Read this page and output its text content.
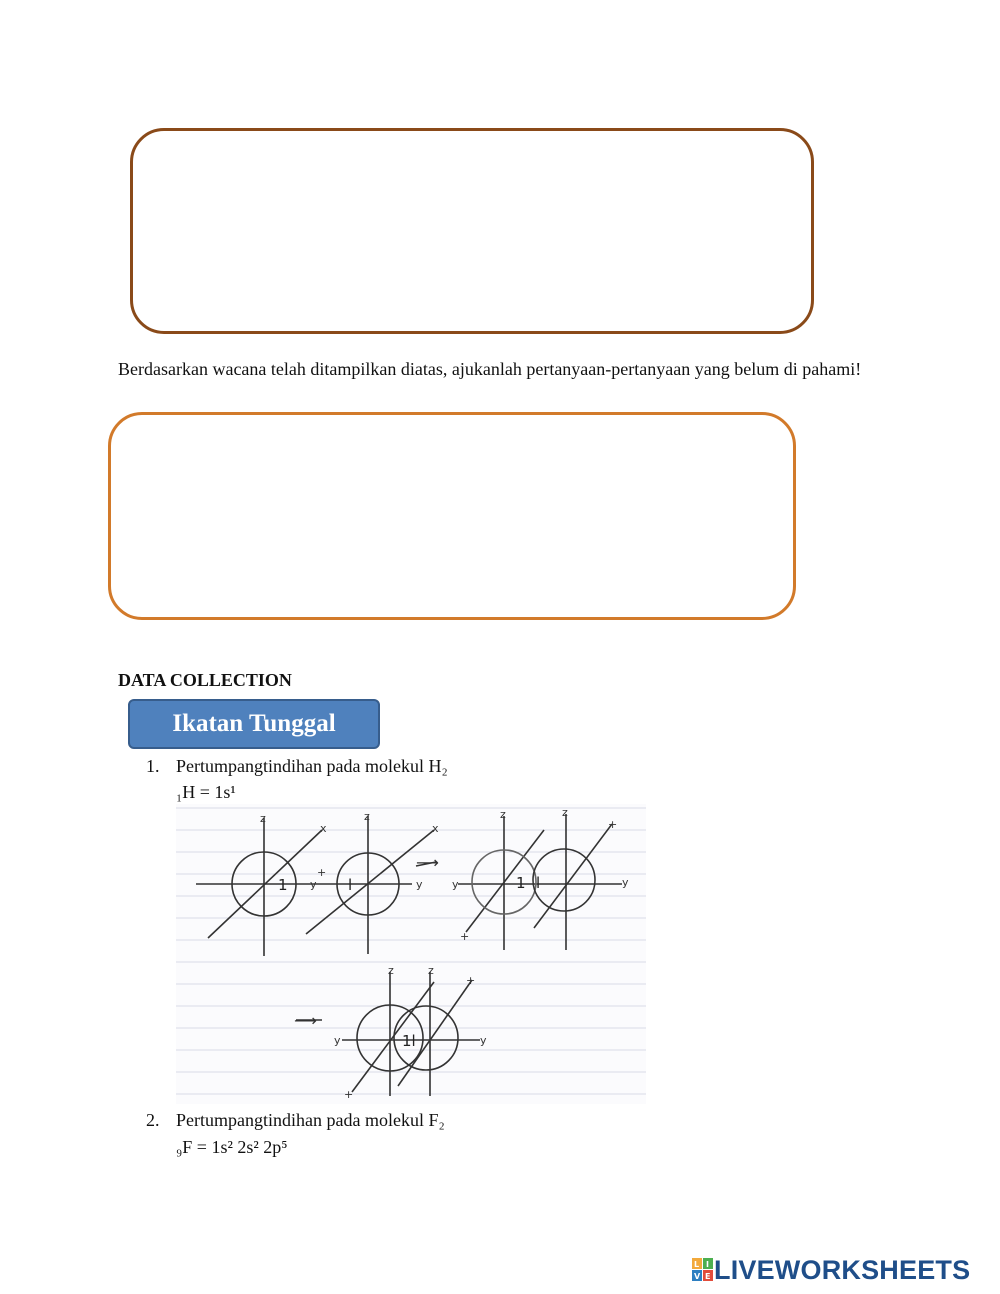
Berdasarkan wacana telah ditampilkan diatas, ajukanlah pertanyaan-pertanyaan yang belum di pahami!
DATA COLLECTION
Ikatan Tunggal
1. Pertumpangtindihan pada molekul H₂
₁H = 1s¹
z
x
y
+
z
x
y
z	z
+
y	y
+
z	z
+
y	y
+
1	l	1 l
1l
⟶
⟶
2. Pertumpangtindihan pada molekul F₂
₉F = 1s² 2s² 2p⁵
L I
V E LIVEWORKSHEETS
